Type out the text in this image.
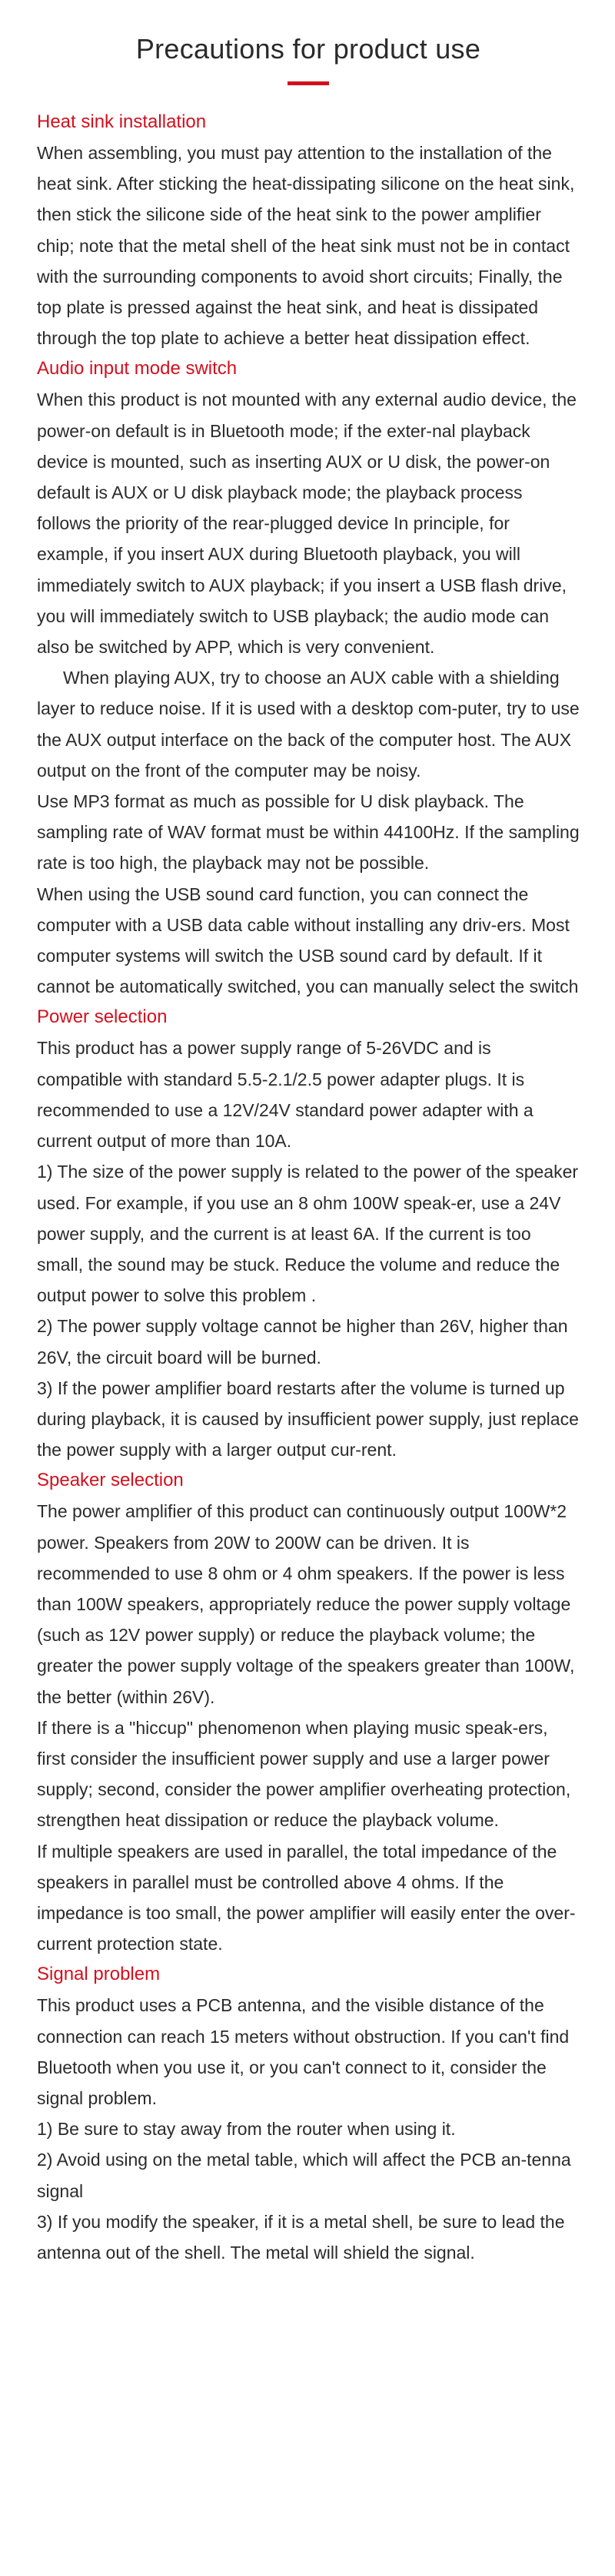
Precautions for product use
Heat sink installation

When assembling, you must pay attention to the installation of the heat sink. After sticking the heat-dissipating silicone on the heat sink, then stick the silicone side of the heat sink to the power amplifier chip; note that the metal shell of the heat sink must not be in contact with the surrounding components to avoid short circuits; Finally, the top plate is pressed against the heat sink, and heat is dissipated through the top plate to achieve a better heat dissipation effect.

Audio input mode switch

When this product is not mounted with any external audio device, the power-on default is in Bluetooth mode; if the exter-nal playback device is mounted, such as inserting AUX or U disk, the power-on default is AUX or U disk playback mode; the playback process follows the priority of the rear-plugged device In principle, for example, if you insert AUX during Bluetooth playback, you will immediately switch to AUX playback; if you insert a USB flash drive, you will immediately switch to USB playback; the audio mode can also be switched by APP, which is very convenient.

When playing AUX, try to choose an AUX cable with a shielding layer to reduce noise. If it is used with a desktop com-puter, try to use the AUX output interface on the back of the computer host. The AUX output on the front of the computer may be noisy.

Use MP3 format as much as possible for U disk playback. The sampling rate of WAV format must be within 44100Hz. If the sampling rate is too high, the playback may not be possible.

When using the USB sound card function, you can connect the computer with a USB data cable without installing any driv-ers. Most computer systems will switch the USB sound card by default. If it cannot be automatically switched, you can manually select the switch

Power selection

This product has a power supply range of 5-26VDC and is compatible with standard 5.5-2.1/2.5 power adapter plugs. It is recommended to use a 12V/24V standard power adapter with a current output of more than 10A.

1) The size of the power supply is related to the power of the speaker used. For example, if you use an 8 ohm 100W speak-er, use a 24V power supply, and the current is at least 6A. If the current is too small, the sound may be stuck. Reduce the volume and reduce the output power to solve this problem .

2) The power supply voltage cannot be higher than 26V, higher than 26V, the circuit board will be burned.

3) If the power amplifier board restarts after the volume is turned up during playback, it is caused by insufficient power supply, just replace the power supply with a larger output cur-rent.

Speaker selection

The power amplifier of this product can continuously output 100W*2 power. Speakers from 20W to 200W can be driven. It is recommended to use 8 ohm or 4 ohm speakers. If the power is less than 100W speakers, appropriately reduce the power supply voltage (such as 12V power supply) or reduce the playback volume; the greater the power supply voltage of the speakers greater than 100W, the better (within 26V).

If there is a "hiccup" phenomenon when playing music speak-ers, first consider the insufficient power supply and use a larger power supply; second, consider the power amplifier overheating protection, strengthen heat dissipation or reduce the playback volume.

If multiple speakers are used in parallel, the total impedance of the speakers in parallel must be controlled above 4 ohms. If the impedance is too small, the power amplifier will easily enter the over-current protection state.

Signal problem

This product uses a PCB antenna, and the visible distance of the connection can reach 15 meters without obstruction. If you can't find Bluetooth when you use it, or you can't connect to it, consider the signal problem.

1) Be sure to stay away from the router when using it.

2) Avoid using on the metal table, which will affect the PCB an-tenna signal

3) If you modify the speaker, if it is a metal shell, be sure to lead the antenna out of the shell. The metal will shield the signal.
